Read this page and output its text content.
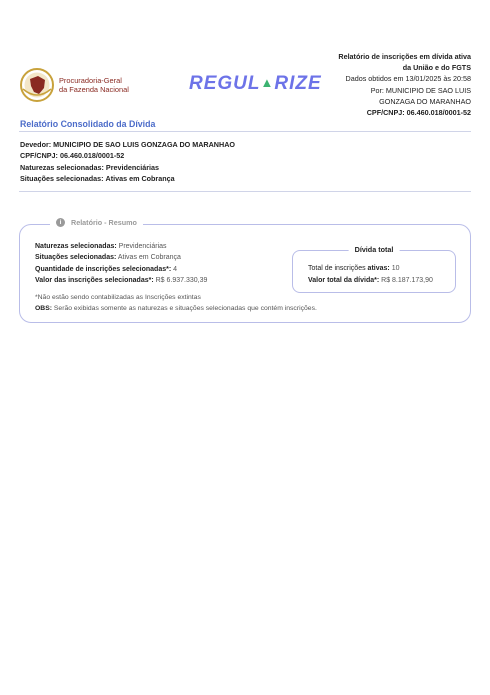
Procuradoria-Geral
da Fazenda Nacional	REGUL▲RIZE
Relatório de inscrições em dívida ativa
da União e do FGTS
Dados obtidos em 13/01/2025 às 20:58
Por: MUNICIPIO DE SAO LUIS
GONZAGA DO MARANHAO
CPF/CNPJ: 06.460.018/0001-52
Relatório Consolidado da Dívida
Devedor: MUNICIPIO DE SAO LUIS GONZAGA DO MARANHAO
CPF/CNPJ: 06.460.018/0001-52
Naturezas selecionadas: Previdenciárias
Situações selecionadas: Ativas em Cobrança
i	Relatório - Resumo
Naturezas selecionadas: Previdenciárias
Situações selecionadas: Ativas em Cobrança
Quantidade de inscrições selecionadas*: 4
Valor das inscrições selecionadas*: R$ 6.937.330,39
Dívida total
Total de inscrições ativas: 10
Valor total da dívida*: R$ 8.187.173,90
*Não estão sendo contabilizadas as Inscrições extintas
OBS: Serão exibidas somente as naturezas e situações selecionadas que contém inscrições.
